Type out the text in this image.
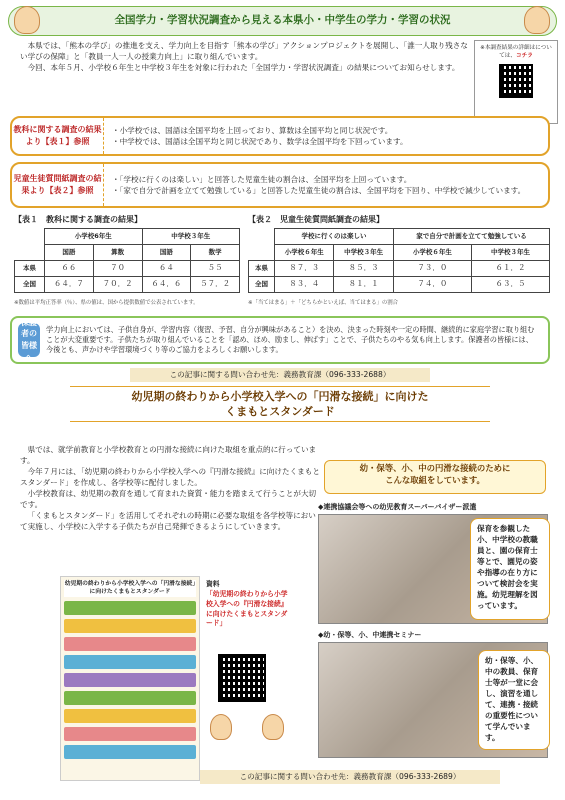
全国学力・学習状況調査から見える本県小・中学生の学力・学習の状況

本県では、「熊本の学び」の推進を支え、学力向上を目指す「熊本の学び」アクションプロジェクトを展開し、「誰一人取り残さない学びの保障」と「教員一人一人の授業力向上」に取り組んでいます。

今回、本年５月、小学校６年生と中学校３年生を対象に行われた「全国学力・学習状況調査」の結果についてお知らせします。

※本調査結果の詳細はについては、コチラ
教科に関する調査の結果より【表１】参照
・小学校では、国語は全国平均を上回っており、算数は全国平均と同じ状況です。
・中学校では、国語は全国平均と同じ状況であり、数学は全国平均を下回っています。
児童生徒質問紙調査の結果より【表２】参照
・「学校に行くのは楽しい」と回答した児童生徒の割合は、全国平均を上回っています。
・「家で自分で計画を立てて勉強している」と回答した児童生徒の割合は、全国平均を下回り、中学校で減少しています。
【表１　教科に関する調査の結果】
	小学校6年生		中学校３年生	
	国語	算数	国語	数学
本県	６６	７０	６４	５５
全国	６４．７	７０．２	６４．６	５７．２
※数値は平均正答率（％）、県の値は、国から提供数値で公表されています。
【表２　児童生徒質問紙調査の結果】
	学校に行くのは楽しい		家で自分で計画を立てて勉強している	
	小学校６年生	中学校３年生	小学校６年生	中学校３年生
本県	８７．３	８５．３	７３．０	６１．２
全国	８３．４	８１．１	７４．０	６３．５
※「当てはまる」＋「どちらかといえば、当てはまる」の割合
保護者の皆様へ
学力向上においては、子供自身が、学習内容（復習、予習、自分が興味があること）を決め、決まった時刻や一定の時間、継続的に家庭学習に取り組むことが大変重要です。子供たちが取り組んでいることを「認め、ほめ、励まし、伸ばす」ことで、子供たちのやる気も向上します。保護者の皆様には、今後とも、声かけや学習環境づくり等のご協力をよろしくお願いします。
この記事に関する問い合わせ先：義務教育課（096-333-2688）
幼児期の終わりから小学校入学への「円滑な接続」に向けた
くまもとスタンダード

県では、就学前教育と小学校教育との円滑な接続に向けた取組を重点的に行っています。

今年７月には、「幼児期の終わりから小学校入学への『円滑な接続』に向けたくまもとスタンダード」を作成し、各学校等に配付しました。

小学校教育は、幼児期の教育を通して育まれた資質・能力を踏まえて行うことが大切です。

「くまもとスタンダード」を活用してそれぞれの時期に必要な取組を各学校等において実施し、小学校に入学する子供たちが自己発揮できるようにしていきます。

幼・保等、小、中の円滑な接続のために
こんな取組をしています。
◆連携協議会等への幼児教育スーパーバイザー派遣
保育を参観した小、中学校の教職員と、園の保育士等とで、園児の姿や指導の在り方について検討会を実施。幼児理解を図っています。
◆幼・保等、小、中連携セミナー
幼・保等、小、中の教員、保育士等が一堂に会し、演習を通して、連携・接続の重要性について学んでいます。
幼児期の終わりから小学校入学への「円滑な接続」に向けたくまもとスタンダード
資料
「幼児期の終わりから小学校入学への『円滑な接続』に向けたくまもとスタンダード」
この記事に関する問い合わせ先：義務教育課（096-333-2689）
